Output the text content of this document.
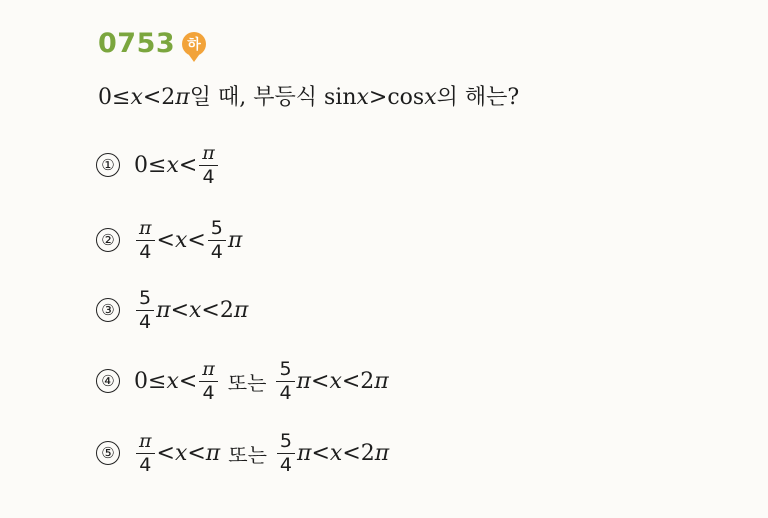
0753 하
0≤x<2π일 때, 부등식 sinx>cosx의 해는?
① $0 \le x < \frac{\pi}{4}$
② $\frac{\pi}{4} < x < \frac{5}{4}$ π
③ $\frac{5}{4}$ π < x < 2 π
④ $0 \le x < \frac{\pi}{4}$ 또는 $\frac{5}{4}$ π < x < 2 π
⑤ $\frac{\pi}{4} < x < \pi$ 또는 $\frac{5}{4}$ π < x < 2 π
